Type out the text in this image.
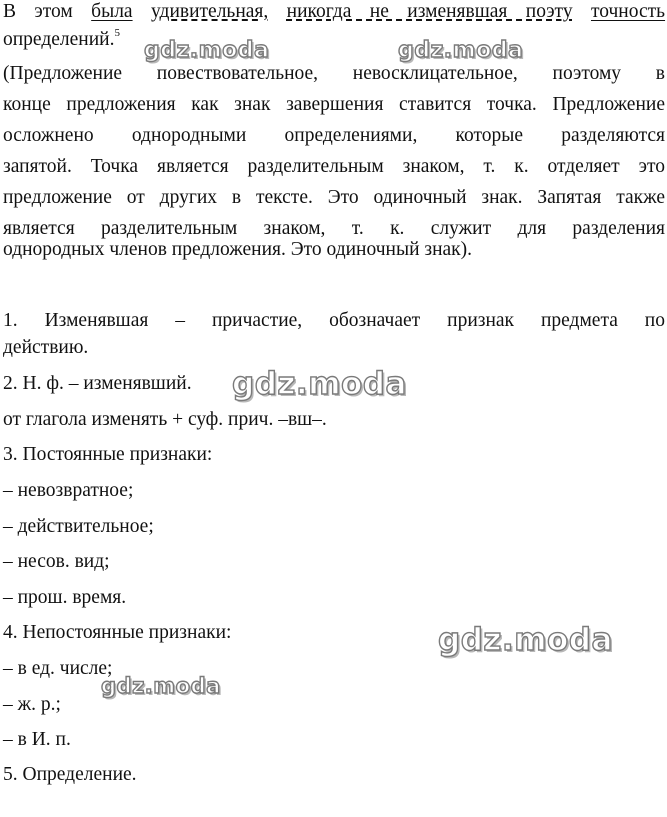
В этом была удивительная, никогда не изменявшая поэту точность
определений.$^5$
(Предложение повествовательное, невосклицательное, поэтому в
конце предложения как знак завершения ставится точка. Предложение
осложнено однородными определениями, которые разделяются
запятой. Точка является разделительным знаком, т. к. отделяет это
предложение от других в тексте. Это одиночный знак. Запятая также
является разделительным знаком, т. к. служит для разделения
однородных членов предложения. Это одиночный знак).
1. Изменявшая – причастие, обозначает признак предмета по
действию.
2. Н. ф. – изменявший.
от глагола изменять + суф. прич. –вш–.
3. Постоянные признаки:
– невозвратное;
– действительное;
– несов. вид;
– прош. время.
4. Непостоянные признаки:
– в ед. числе;
– ж. р.;
– в И. п.
5. Определение.
gdz.moda	gdz.moda
gdz.moda
gdz.moda
gdz.moda
